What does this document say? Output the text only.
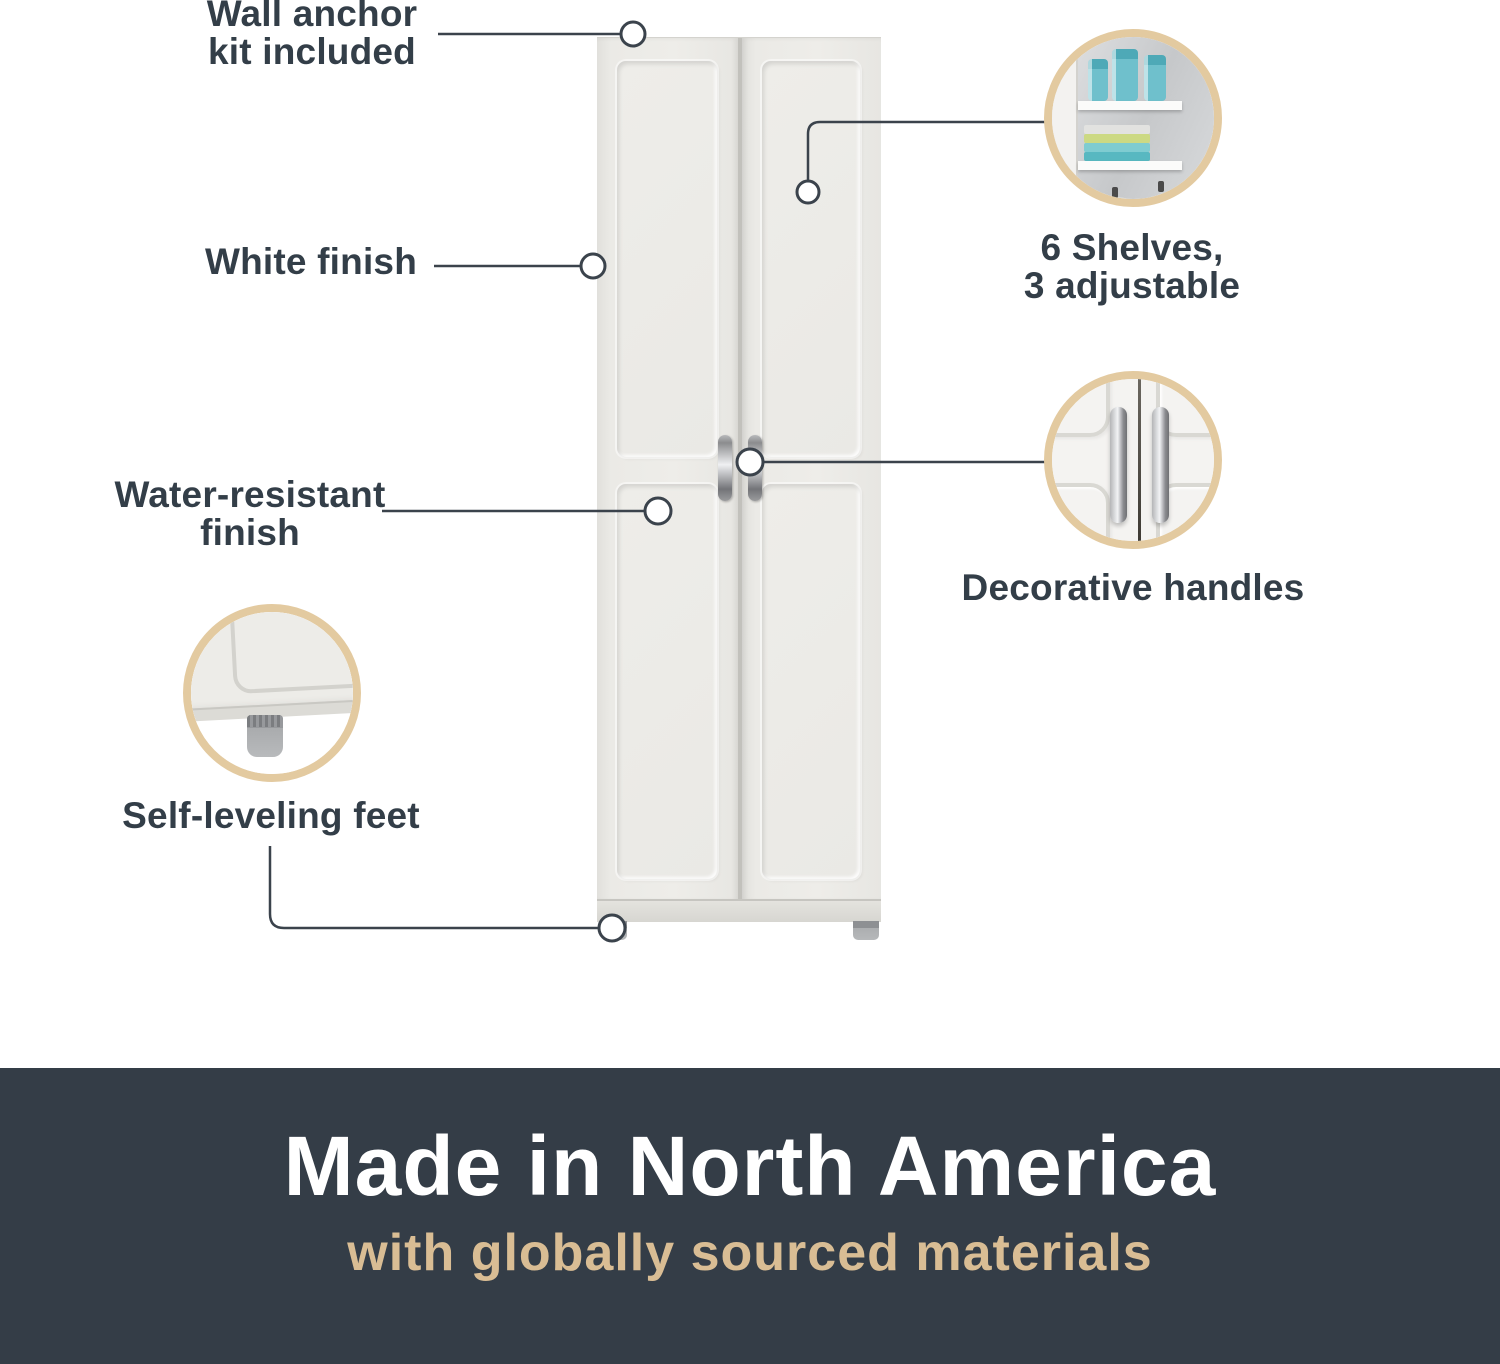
Wall anchor
kit included
White finish
Water-resistant
finish
Self-leveling feet
6 Shelves,
3 adjustable
Decorative handles
Made in North America
with globally sourced materials
